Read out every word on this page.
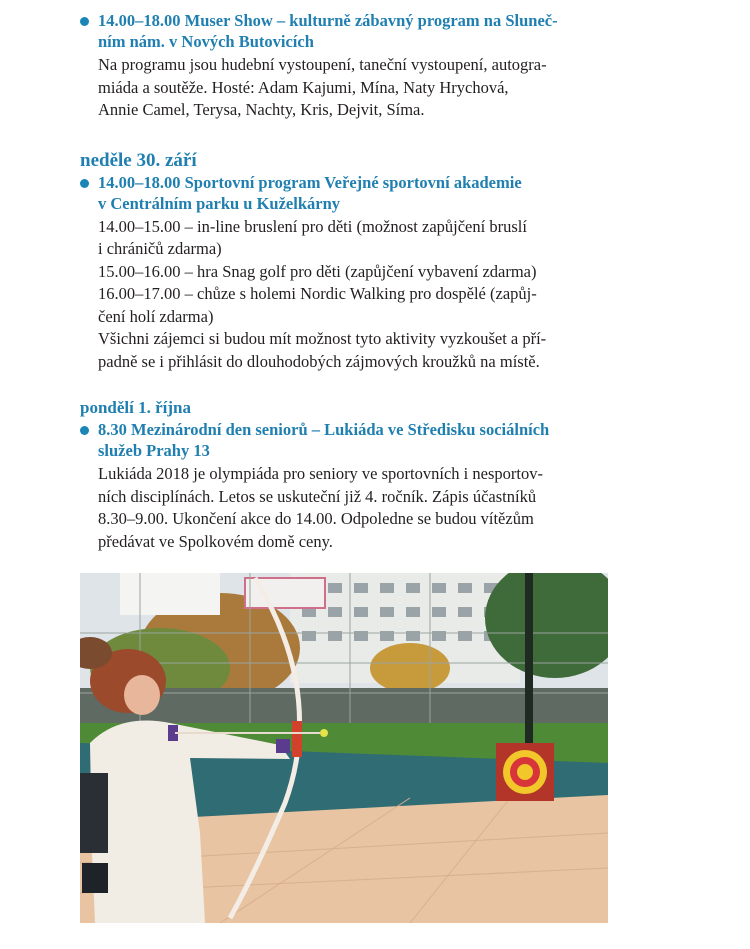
14.00–18.00 Muser Show – kulturně zábavný program na Sluneč-
ním nám. v Nových Butovicích

Na programu jsou hudební vystoupení, taneční vystoupení, autogra-
miáda a soutěže. Hosté: Adam Kajumi, Mína, Naty Hrychová,
Annie Camel, Terysa, Nachty, Kris, Dejvit, Síma.

neděle 30. září

14.00–18.00 Sportovní program Veřejné sportovní akademie
v Centrálním parku u Kuželkárny

14.00–15.00 – in-line bruslení pro děti (možnost zapůjčení bruslí
i chráničů zdarma)
15.00–16.00 – hra Snag golf pro děti (zapůjčení vybavení zdarma)
16.00–17.00 – chůze s holemi Nordic Walking pro dospělé (zapůj-
čení holí zdarma)
Všichni zájemci si budou mít možnost tyto aktivity vyzkoušet a pří-
padně se i přihlásit do dlouhodobých zájmových kroužků na místě.

pondělí 1. října

8.30 Mezinárodní den seniorů – Lukiáda ve Středisku sociálních
služeb Prahy 13

Lukiáda 2018 je olympiáda pro seniory ve sportovních i nesportov-
ních disciplínách. Letos se uskuteční již 4. ročník. Zápis účastníků
8.30–9.00. Ukončení akce do 14.00. Odpoledne se budou vítězům
předávat ve Spolkovém domě ceny.
